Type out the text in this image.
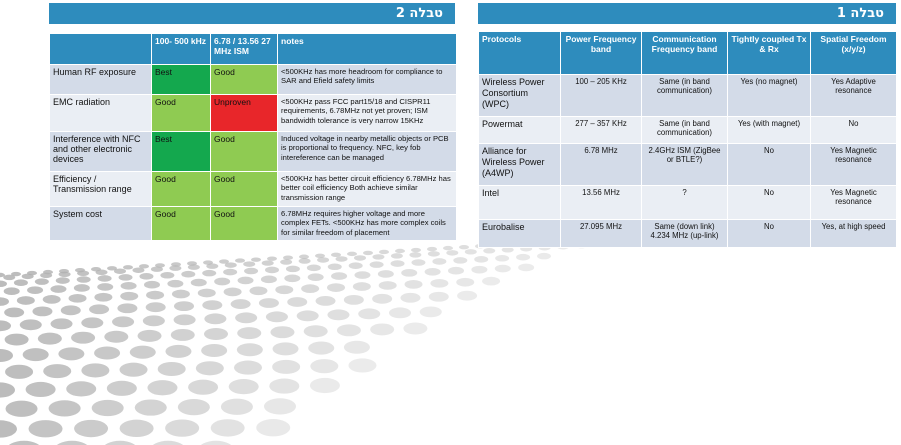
טבלה 2	טבלה 1
	100- 500 kHz	6.78 / 13.56 27 MHz ISM	notes
Human RF exposure	Best	Good	<500KHz has more headroom for compliance to SAR and Efield safety limits
EMC radiation	Good	Unproven	<500KHz pass FCC part15/18 and CISPR11 requirements, 6.78MHz not yet proven; ISM bandwidth tolerance is very narrow 15KHz
Interference with NFC and other electronic devices	Best	Good	Induced voltage in nearby metallic objects or PCB is proportional to frequency. NFC, key fob intereference can be managed
Efficiency / Transmission range	Good	Good	<500KHz has better circuit efficiency 6.78MHz has better coil efficiency Both achieve similar transmission range
System cost	Good	Good	6.78MHz requires higher voltage and more complex FETs. <500KHz has more complex coils for similar freedom of placement
Protocols	Power Frequency band	Communication Frequency band	Tightly coupled Tx & Rx	Spatial Freedom (x/y/z)
Wireless Power Consortium (WPC)	100 – 205 KHz	Same (in band communication)	Yes (no magnet)	Yes Adaptive resonance
Powermat	277 – 357 KHz	Same (in band communication)	Yes (with magnet)	No
Alliance for Wireless Power (A4WP)	6.78 MHz	2.4GHz ISM (ZigBee or BTLE?)	No	Yes Magnetic resonance
Intel	13.56 MHz	?	No	Yes Magnetic resonance
Eurobalise	27.095 MHz	Same (down link) 4.234 MHz (up-link)	No	Yes, at high speed
